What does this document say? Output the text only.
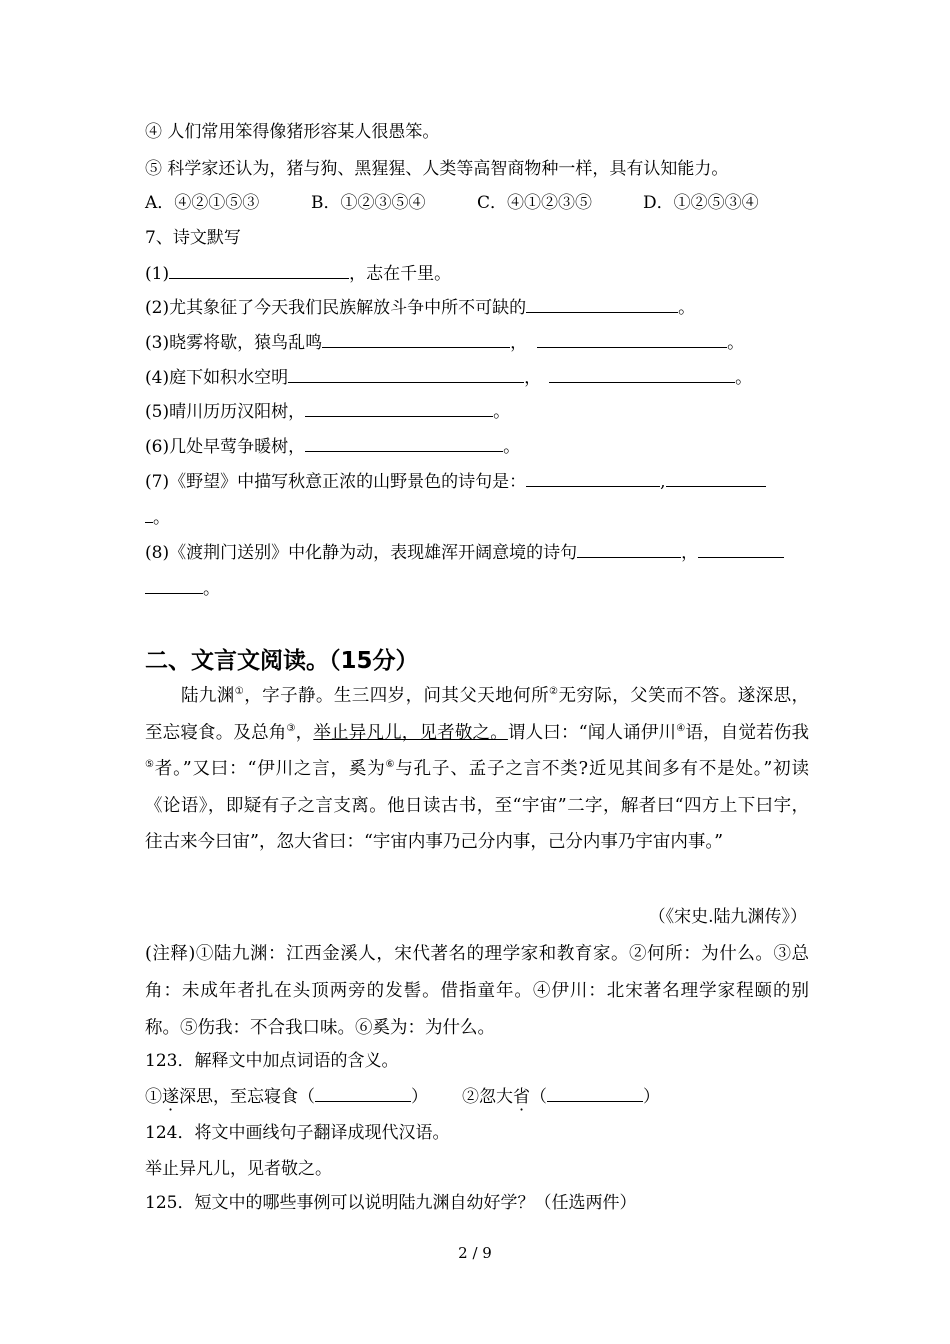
④ 人们常用笨得像猪形容某人很愚笨。
⑤ 科学家还认为，猪与狗、黑猩猩、人类等高智商物种一样，具有认知能力。
A．④②①⑤③	B．①②③⑤④	C．④①②③⑤	D．①②⑤③④
7、诗文默写
(1)	，志在千里。
(2)尤其象征了今天我们民族解放斗争中所不可缺的	。
(3)晓雾将歇，猿鸟乱鸣	，	。
(4)庭下如积水空明	，	。
(5)晴川历历汉阳树，	。
(6)几处早莺争暖树，	。
(7)《野望》中描写秋意正浓的山野景色的诗句是：	,
。
(8)《渡荆门送别》中化静为动，表现雄浑开阔意境的诗句	，
。
二、文言文阅读。（15分）
陆九渊①，字子静。生三四岁，问其父天地何所②无穷际，父笑而不答。遂深思，至忘寝食。及总角③，举止异凡儿，见者敬之。谓人曰：“闻人诵伊川④语，自觉若伤我⑤者。”又曰：“伊川之言，奚为⑥与孔子、孟子之言不类?近见其间多有不是处。”初读《论语》，即疑有子之言支离。他日读古书，至“宇宙”二字，解者曰“四方上下曰宇，往古来今曰宙”，忽大省曰：“宇宙内事乃己分内事，己分内事乃宇宙内事。”
（《宋史.陆九渊传》）
(注释)①陆九渊：江西金溪人，宋代著名的理学家和教育家。②何所：为什么。③总角：未成年者扎在头顶两旁的发髻。借指童年。④伊川：北宋著名理学家程颐的别称。⑤伤我：不合我口味。⑥奚为：为什么。
123．解释文中加点词语的含义。
①遂深思，至忘寝食（	） ②忽大省（	）
124．将文中画线句子翻译成现代汉语。
举止异凡儿，见者敬之。
125．短文中的哪些事例可以说明陆九渊自幼好学？（任选两件）
2 / 9
